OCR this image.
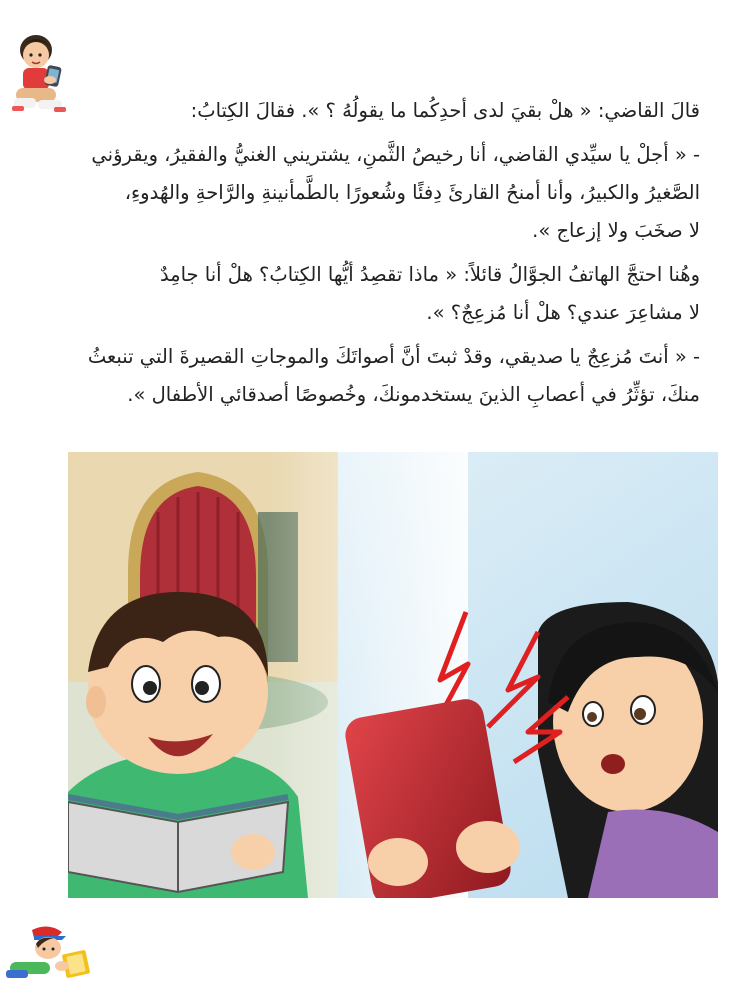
قالَ القاضي: « هلْ بقيَ لدى أحدِكُما ما يقولُهُ ؟ ». فقالَ الكِتابُ:

- « أجلْ يا سيِّدي القاضي، أنا رخيصُ الثَّمنِ، يشتريني الغنيُّ والفقيرُ، ويقرؤني

الصَّغيرُ والكبيرُ، وأنا أمنحُ القارئَ دِفئًا وشُعورًا بالطَّمأنينةِ والرَّاحةِ والهُدوءِ،

لا صخَبَ ولا إزعاج ».

وهُنا احتجَّ الهاتفُ الجوَّالُ قائلاً: « ماذا تقصِدُ أيُّها الكِتابُ؟ هلْ أنا جامِدٌ

لا مشاعِرَ عندي؟ هلْ أنا مُزعِجٌ؟ ».

- « أنتَ مُزعِجٌ يا صديقي، وقدْ ثبتَ أنَّ أصواتَكَ والموجاتِ القصيرةَ التي تنبعثُ

منكَ، تؤثِّرُ في أعصابِ الذينَ يستخدمونكَ، وخُصوصًا أصدقائي الأطفال ».
